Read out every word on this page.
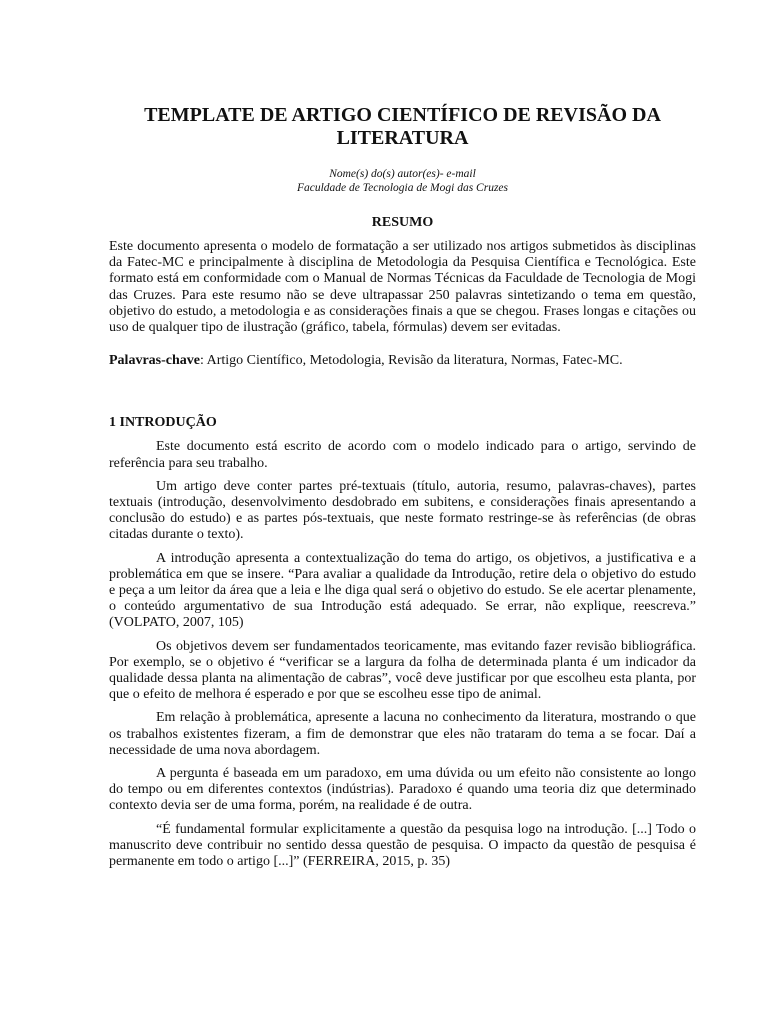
TEMPLATE DE ARTIGO CIENTÍFICO DE REVISÃO DA LITERATURA

Nome(s) do(s) autor(es)- e-mail

Faculdade de Tecnologia de Mogi das Cruzes

RESUMO

Este documento apresenta o modelo de formatação a ser utilizado nos artigos submetidos às disciplinas da Fatec-MC e principalmente à disciplina de Metodologia da Pesquisa Científica e Tecnológica. Este formato está em conformidade com o Manual de Normas Técnicas da Faculdade de Tecnologia de Mogi das Cruzes. Para este resumo não se deve ultrapassar 250 palavras sintetizando o tema em questão, objetivo do estudo, a metodologia e as considerações finais a que se chegou. Frases longas e citações ou uso de qualquer tipo de ilustração (gráfico, tabela, fórmulas) devem ser evitadas.

Palavras-chave: Artigo Científico, Metodologia, Revisão da literatura, Normas, Fatec-MC.

1 INTRODUÇÃO

Este documento está escrito de acordo com o modelo indicado para o artigo, servindo de referência para seu trabalho.

Um artigo deve conter partes pré-textuais (título, autoria, resumo, palavras-chaves), partes textuais (introdução, desenvolvimento desdobrado em subitens, e considerações finais apresentando a conclusão do estudo) e as partes pós-textuais, que neste formato restringe-se às referências (de obras citadas durante o texto).

A introdução apresenta a contextualização do tema do artigo, os objetivos, a justificativa e a problemática em que se insere. “Para avaliar a qualidade da Introdução, retire dela o objetivo do estudo e peça a um leitor da área que a leia e lhe diga qual será o objetivo do estudo. Se ele acertar plenamente, o conteúdo argumentativo de sua Introdução está adequado. Se errar, não explique, reescreva.” (VOLPATO, 2007, 105)

Os objetivos devem ser fundamentados teoricamente, mas evitando fazer revisão bibliográfica. Por exemplo, se o objetivo é “verificar se a largura da folha de determinada planta é um indicador da qualidade dessa planta na alimentação de cabras”, você deve justificar por que escolheu esta planta, por que o efeito de melhora é esperado e por que se escolheu esse tipo de animal.

Em relação à problemática, apresente a lacuna no conhecimento da literatura, mostrando o que os trabalhos existentes fizeram, a fim de demonstrar que eles não trataram do tema a se focar. Daí a necessidade de uma nova abordagem.

A pergunta é baseada em um paradoxo, em uma dúvida ou um efeito não consistente ao longo do tempo ou em diferentes contextos (indústrias). Paradoxo é quando uma teoria diz que determinado contexto devia ser de uma forma, porém, na realidade é de outra.

“É fundamental formular explicitamente a questão da pesquisa logo na introdução. [...] Todo o manuscrito deve contribuir no sentido dessa questão de pesquisa. O impacto da questão de pesquisa é permanente em todo o artigo [...]” (FERREIRA, 2015, p. 35)
